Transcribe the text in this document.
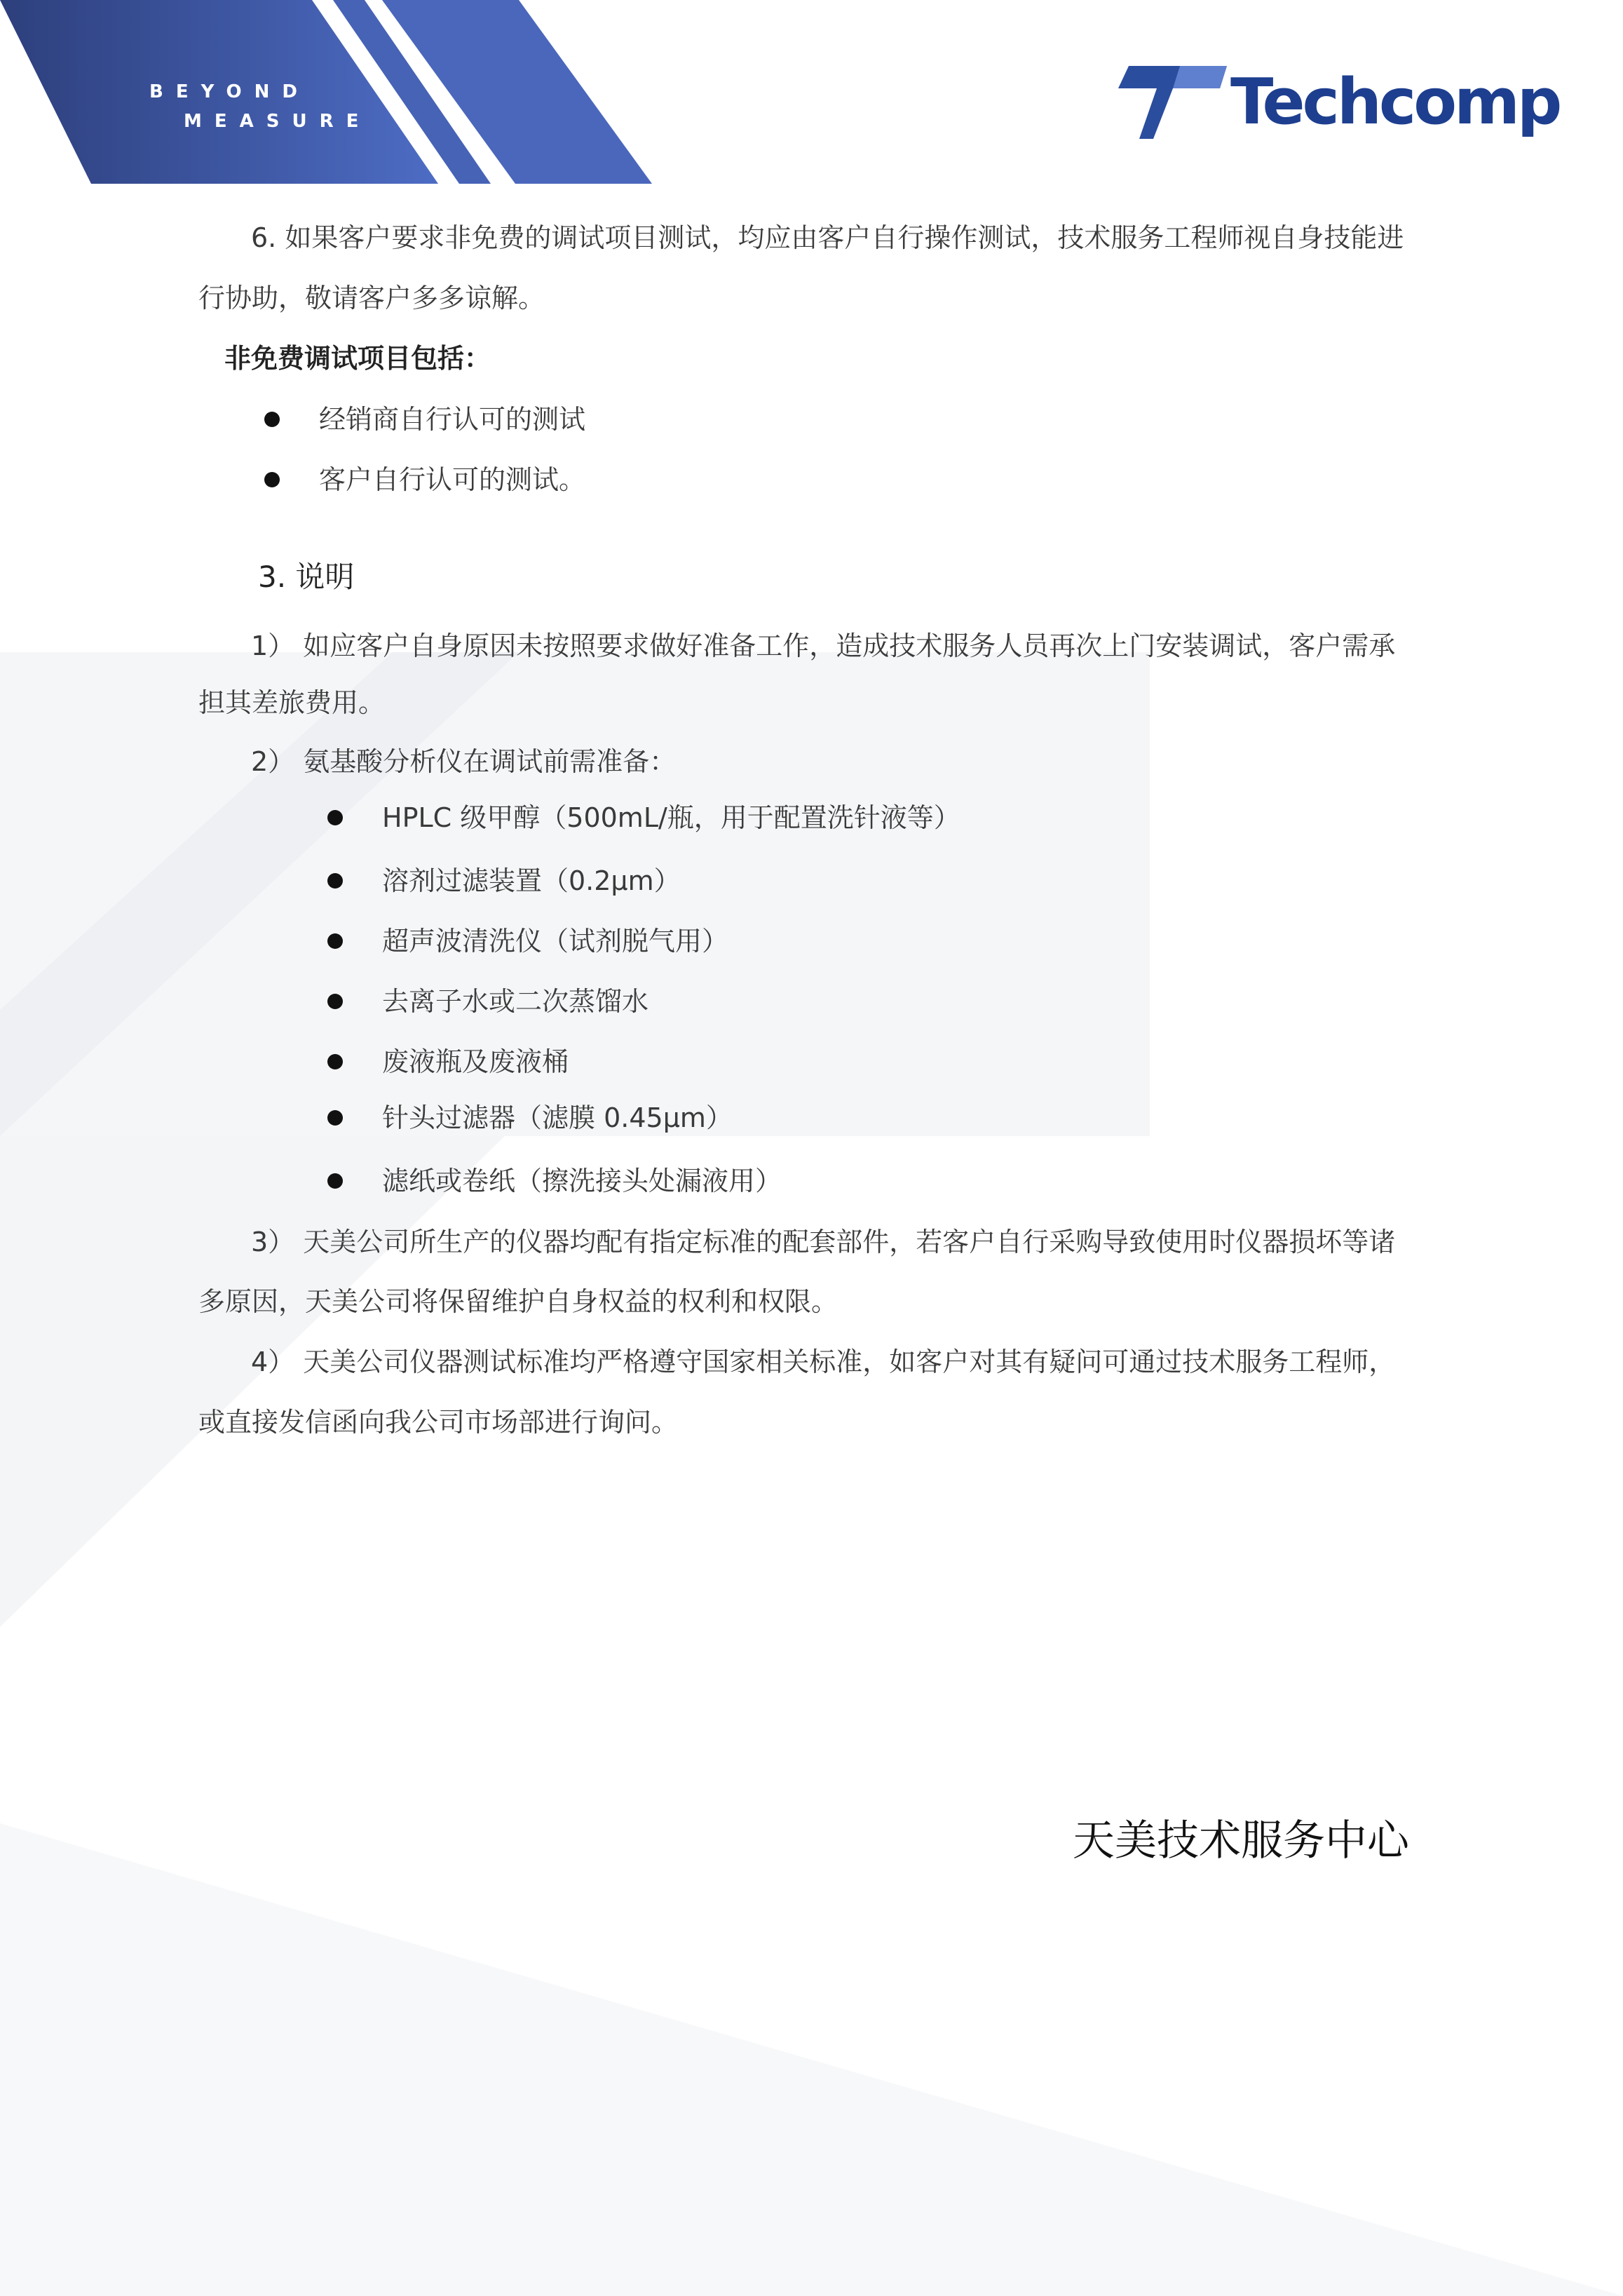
BEYOND
MEASURE	Techcomp
6. 如果客户要求非免费的调试项目测试，均应由客户自行操作测试，技术服务工程师视自身技能进
行协助，敬请客户多多谅解。
非免费调试项目包括：
经销商自行认可的测试
客户自行认可的测试。
3. 说明
1） 如应客户自身原因未按照要求做好准备工作，造成技术服务人员再次上门安装调试，客户需承
担其差旅费用。
2） 氨基酸分析仪在调试前需准备：
HPLC 级甲醇（500mL/瓶，用于配置洗针液等）
溶剂过滤装置（0.2μm）
超声波清洗仪（试剂脱气用）
去离子水或二次蒸馏水
废液瓶及废液桶
针头过滤器（滤膜 0.45μm）
滤纸或卷纸（擦洗接头处漏液用）
3） 天美公司所生产的仪器均配有指定标准的配套部件，若客户自行采购导致使用时仪器损坏等诸
多原因，天美公司将保留维护自身权益的权利和权限。
4） 天美公司仪器测试标准均严格遵守国家相关标准，如客户对其有疑问可通过技术服务工程师，
或直接发信函向我公司市场部进行询问。
天美技术服务中心
